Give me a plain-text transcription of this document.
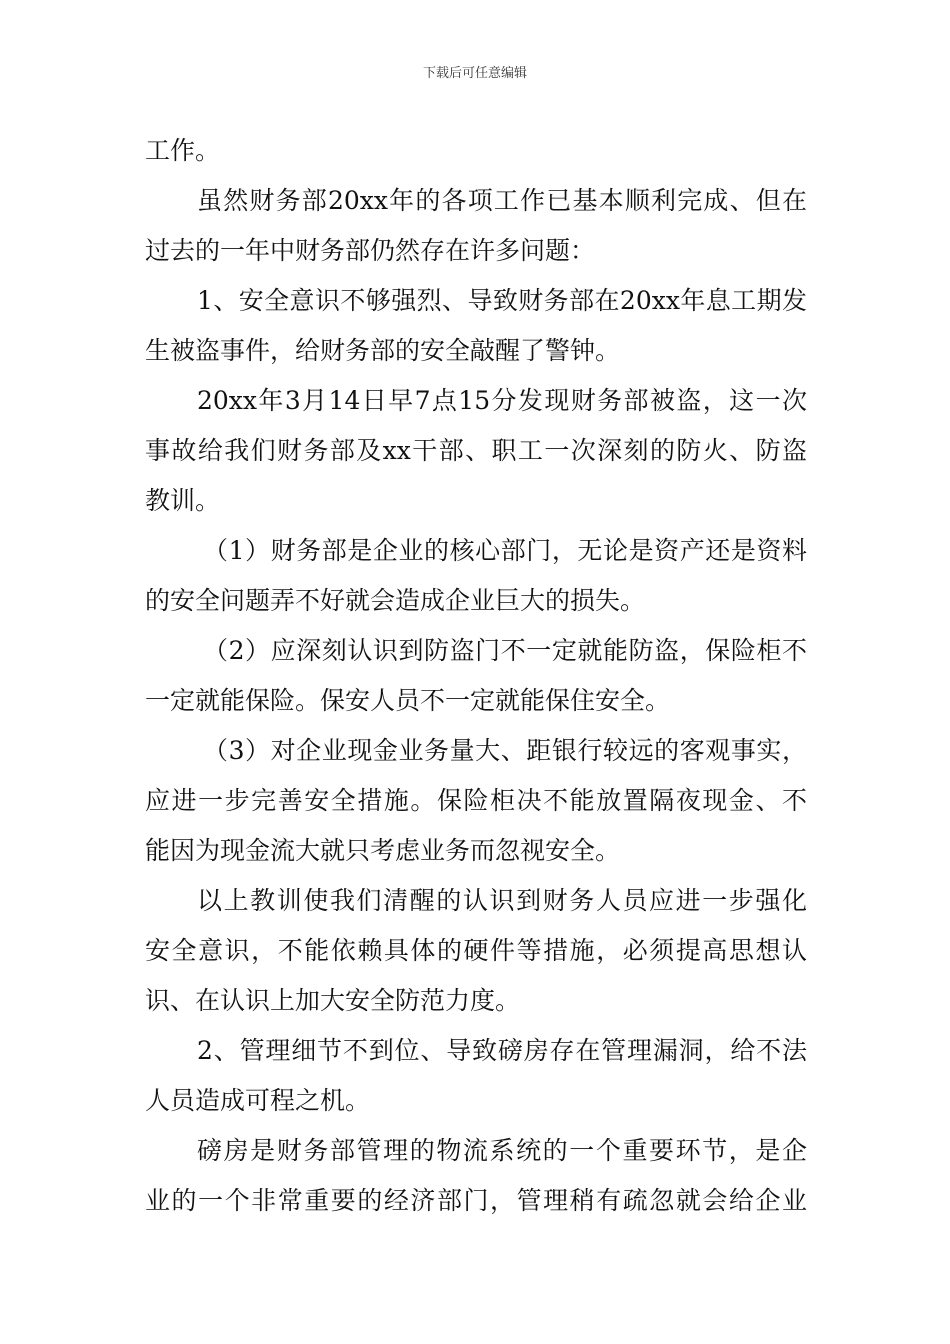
下载后可任意编辑
工作。
虽然财务部20xx年的各项工作已基本顺利完成、但在
过去的一年中财务部仍然存在许多问题：
1、安全意识不够强烈、导致财务部在20xx年息工期发
生被盗事件，给财务部的安全敲醒了警钟。
20xx年3月14日早7点15分发现财务部被盗，这一次
事故给我们财务部及xx干部、职工一次深刻的防火、防盗
教训。
（1）财务部是企业的核心部门，无论是资产还是资料
的安全问题弄不好就会造成企业巨大的损失。
（2）应深刻认识到防盗门不一定就能防盗，保险柜不
一定就能保险。保安人员不一定就能保住安全。
（3）对企业现金业务量大、距银行较远的客观事实，
应进一步完善安全措施。保险柜决不能放置隔夜现金、不
能因为现金流大就只考虑业务而忽视安全。
以上教训使我们清醒的认识到财务人员应进一步强化
安全意识，不能依赖具体的硬件等措施，必须提高思想认
识、在认识上加大安全防范力度。
2、管理细节不到位、导致磅房存在管理漏洞，给不法
人员造成可程之机。
磅房是财务部管理的物流系统的一个重要环节，是企
业的一个非常重要的经济部门，管理稍有疏忽就会给企业
